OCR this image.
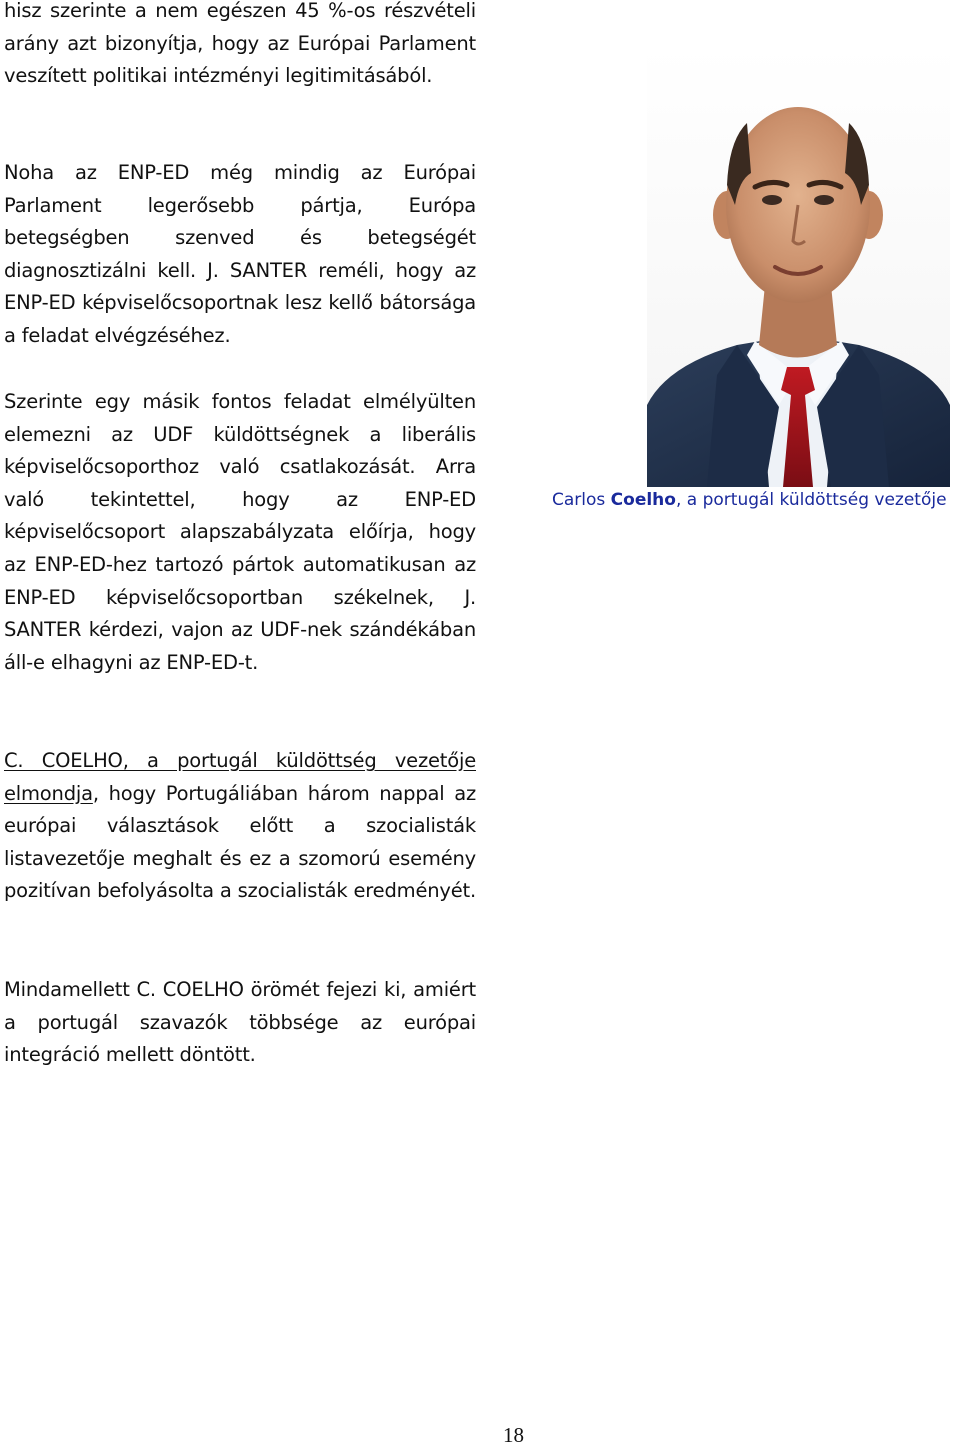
hisz szerinte a nem egészen 45 %-os részvételi arány azt bizonyítja, hogy az Európai Parlament veszített politikai intézményi legitimitásából.

Noha az ENP-ED még mindig az Európai Parlament legerősebb pártja, Európa betegségben szenved és betegségét diagnosztizálni kell. J. SANTER reméli, hogy az ENP-ED képviselőcsoportnak lesz kellő bátorsága a feladat elvégzéséhez.

Szerinte egy másik fontos feladat elmélyülten elemezni az UDF küldöttségnek a liberális képviselőcsoporthoz való csatlakozását. Arra való tekintettel, hogy az ENP-ED képviselőcsoport alapszabályzata előírja, hogy az ENP-ED-hez tartozó pártok automatikusan az ENP-ED képviselőcsoportban székelnek, J. SANTER kérdezi, vajon az UDF-nek szándékában áll-e elhagyni az ENP-ED-t.

C. COELHO, a portugál küldöttség vezetője elmondja, hogy Portugáliában három nappal az európai választások előtt a szocialisták listavezetője meghalt és ez a szomorú esemény pozitívan befolyásolta a szocialisták eredményét.

Mindamellett C. COELHO örömét fejezi ki, amiért a portugál szavazók többsége az európai integráció mellett döntött.

Carlos Coelho, a portugál küldöttség vezetője
18
